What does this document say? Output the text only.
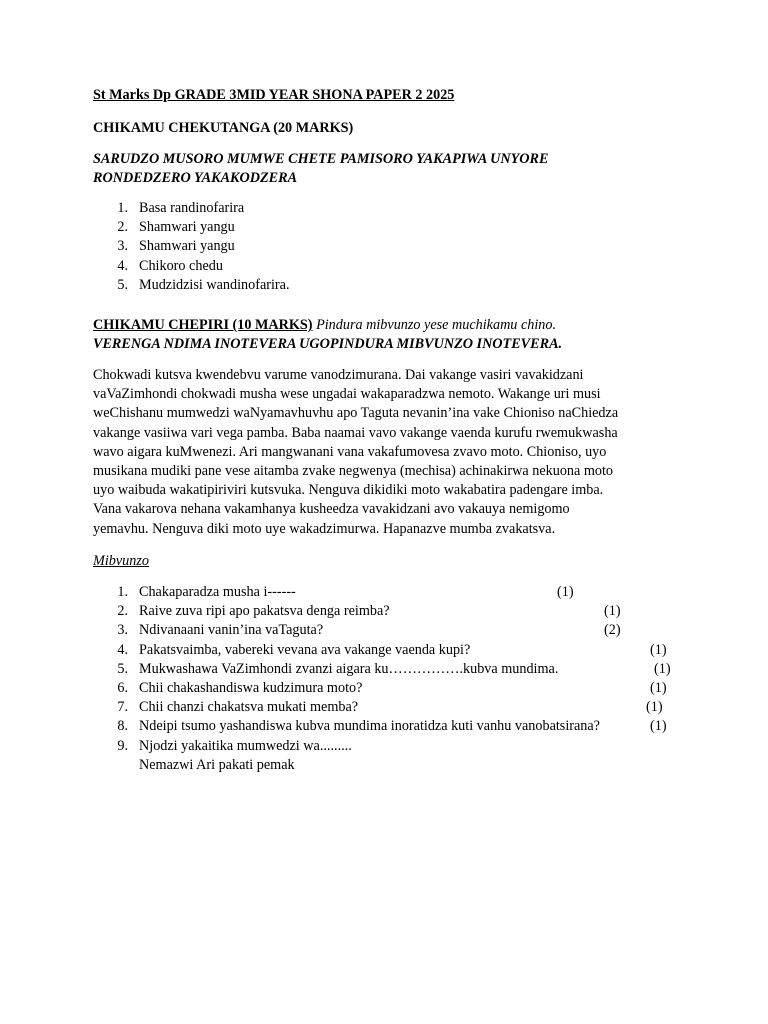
St Marks Dp GRADE 3MID YEAR SHONA PAPER 2 2025
CHIKAMU CHEKUTANGA (20 MARKS)
SARUDZO MUSORO MUMWE CHETE PAMISORO YAKAPIWA UNYORE
RONDEDZERO YAKAKODZERA
1. Basa randinofarira
2. Shamwari yangu
3. Shamwari yangu
4. Chikoro chedu
5. Mudzidzisi wandinofarira.
CHIKAMU CHEPIRI (10 MARKS) Pindura mibvunzo yese muchikamu chino.
VERENGA NDIMA INOTEVERA UGOPINDURA MIBVUNZO INOTEVERA.
Chokwadi kutsva kwendebvu varume vanodzimurana. Dai vakange vasiri vavakidzani
vaVaZimhondi chokwadi musha wese ungadai wakaparadzwa nemoto. Wakange uri musi
weChishanu mumwedzi waNyamavhuvhu apo Taguta nevanin’ina vake Chioniso naChiedza
vakange vasiiwa vari vega pamba. Baba naamai vavo vakange vaenda kurufu rwemukwasha
wavo aigara kuMwenezi. Ari mangwanani vana vakafumovesa zvavo moto. Chioniso, uyo
musikana mudiki pane vese aitamba zvake negwenya (mechisa) achinakirwa nekuona moto
uyo waibuda wakatipiriviri kutsvuka. Nenguva dikidiki moto wakabatira padengare imba.
Vana vakarova nehana vakamhanya kusheedza vavakidzani avo vakauya nemigomo
yemavhu. Nenguva diki moto uye wakadzimurwa. Hapanazve mumba zvakatsva.
Mibvunzo
1. Chakaparadza musha i------	(1)
2. Raive zuva ripi apo pakatsva denga reimba?	(1)
3. Ndivanaani vanin’ina vaTaguta?	(2)
4. Pakatsvaimba, vabereki vevana ava vakange vaenda kupi?	(1)
5. Mukwashawa VaZimhondi zvanzi aigara ku…………….kubva mundima.	(1)
6. Chii chakashandiswa kudzimura moto?	(1)
7. Chii chanzi chakatsva mukati memba?	(1)
8. Ndeipi tsumo yashandiswa kubva mundima inoratidza kuti vanhu vanobatsirana?	(1)
9. Njodzi yakaitika mumwedzi wa.........
Nemazwi Ari pakati pemak
